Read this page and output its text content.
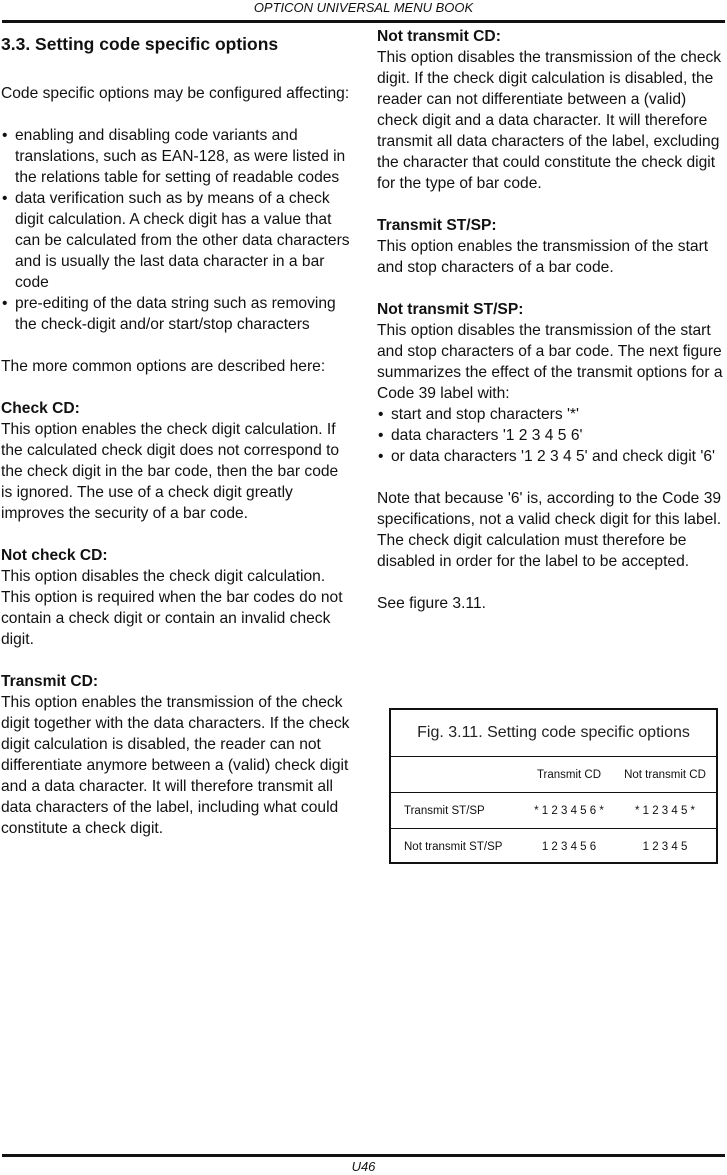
OPTICON UNIVERSAL MENU BOOK
3.3. Setting code specific options

Code specific options may be configured affecting:

• enabling and disabling code variants and translations, such as EAN-128, as were listed in the relations table for setting of readable codes
• data verification such as by means of a check digit calculation. A check digit has a value that can be calculated from the other data characters and is usually the last data character in a bar code
• pre-editing of the data string such as removing the check-digit and/or start/stop characters

The more common options are described here:

Check CD:
This option enables the check digit calculation. If the calculated check digit does not correspond to the check digit in the bar code, then the bar code is ignored. The use of a check digit greatly improves the security of a bar code.

Not check CD:
This option disables the check digit calculation. This option is required when the bar codes do not contain a check digit or contain an invalid check digit.

Transmit CD:
This option enables the transmission of the check digit together with the data characters. If the check digit calculation is disabled, the reader can not differentiate anymore between a (valid) check digit and a data character. It will therefore transmit all data characters of the label, including what could constitute a check digit.

Not transmit CD:
This option disables the transmission of the check digit. If the check digit calculation is disabled, the reader can not differentiate between a (valid) check digit and a data character. It will therefore transmit all data characters of the label, excluding the character that could constitute the check digit for the type of bar code.

Transmit ST/SP:
This option enables the transmission of the start and stop characters of a bar code.

Not transmit ST/SP:
This option disables the transmission of the start and stop characters of a bar code. The next figure summarizes the effect of the transmit options for a Code 39 label with:

• start and stop characters '*'
• data characters '1 2 3 4 5 6'
• or data characters '1 2 3 4 5' and check digit '6'

Note that because '6' is, according to the Code 39 specifications, not a valid check digit for this label. The check digit calculation must therefore be disabled in order for the label to be accepted.

See figure 3.11.

Fig. 3.11. Setting code specific options
	Transmit CD	Not transmit CD
Transmit ST/SP	* 1 2 3 4 5 6 *	* 1 2 3 4 5 *
Not transmit ST/SP	1 2 3 4 5 6	1 2 3 4 5
U46
